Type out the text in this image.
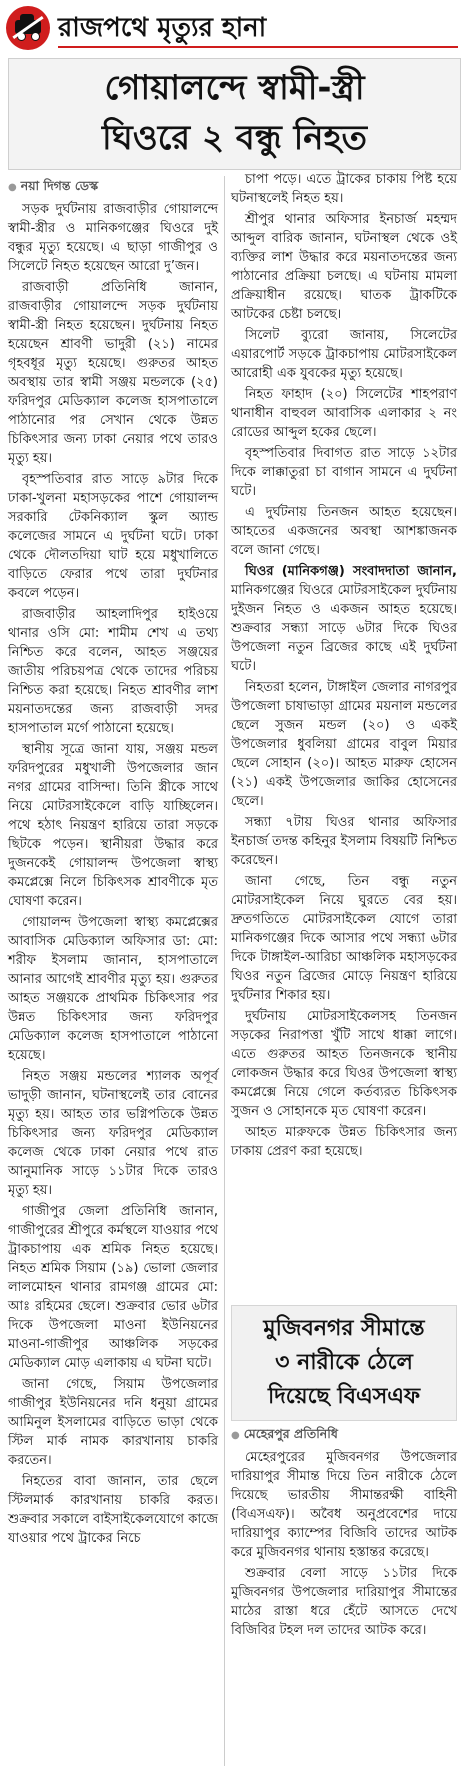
রাজপথে মৃত্যুর হানা
গোয়ালন্দে স্বামী-স্ত্রী
ঘিওরে ২ বন্ধু নিহত
● নয়া দিগন্ত ডেস্ক
সড়ক দুর্ঘটনায় রাজবাড়ীর গোয়ালন্দে স্বামী-স্ত্রীর ও মানিকগঞ্জের ঘিওরে দুই বন্ধুর মৃত্যু হয়েছে। এ ছাড়া গাজীপুর ও সিলেটে নিহত হয়েছেন আরো দু’জন।
রাজবাড়ী প্রতিনিধি জানান, রাজবাড়ীর গোয়ালন্দে সড়ক দুর্ঘটনায় স্বামী-স্ত্রী নিহত হয়েছেন। দুর্ঘটনায় নিহত হয়েছেন শ্রাবণী ভাদুরী (২১) নামের গৃহবধূর মৃত্যু হয়েছে। গুরুতর আহত অবস্থায় তার স্বামী সঞ্জয় মন্ডলকে (২৫) ফরিদপুর মেডিক্যাল কলেজ হাসপাতালে পাঠানোর পর সেখান থেকে উন্নত চিকিৎসার জন্য ঢাকা নেয়ার পথে তারও মৃত্যু হয়।
বৃহস্পতিবার রাত সাড়ে ৯টার দিকে ঢাকা-খুলনা মহাসড়কের পাশে গোয়ালন্দ সরকারি টেকনিক্যাল স্কুল অ্যান্ড কলেজের সামনে এ দুর্ঘটনা ঘটে। ঢাকা থেকে দৌলতদিয়া ঘাট হয়ে মধুখালিতে বাড়িতে ফেরার পথে তারা দুর্ঘটনার কবলে পড়েন।
রাজবাড়ীর আহলাদিপুর হাইওয়ে থানার ওসি মো: শামীম শেখ এ তথ্য নিশ্চিত করে বলেন, আহত সঞ্জয়ের জাতীয় পরিচয়পত্র থেকে তাদের পরিচয় নিশ্চিত করা হয়েছে। নিহত শ্রাবণীর লাশ ময়নাতদন্তের জন্য রাজবাড়ী সদর হাসপাতাল মর্গে পাঠানো হয়েছে।
স্থানীয় সূত্রে জানা যায়, সঞ্জয় মন্ডল ফরিদপুরের মধুখালী উপজেলার জান নগর গ্রামের বাসিন্দা। তিনি স্ত্রীকে সাথে নিয়ে মোটরসাইকেলে বাড়ি যাচ্ছিলেন। পথে হঠাৎ নিয়ন্ত্রণ হারিয়ে তারা সড়কে ছিটকে পড়েন। স্থানীয়রা উদ্ধার করে দুজনকেই গোয়ালন্দ উপজেলা স্বাস্থ্য কমপ্লেক্সে নিলে চিকিৎসক শ্রাবণীকে মৃত ঘোষণা করেন।
গোয়ালন্দ উপজেলা স্বাস্থ্য কমপ্লেক্সের আবাসিক মেডিক্যাল অফিসার ডা: মো: শরীফ ইসলাম জানান, হাসপাতালে আনার আগেই শ্রাবণীর মৃত্যু হয়। গুরুতর আহত সঞ্জয়কে প্রাথমিক চিকিৎসার পর উন্নত চিকিৎসার জন্য ফরিদপুর মেডিক্যাল কলেজ হাসপাতালে পাঠানো হয়েছে।
নিহত সঞ্জয় মন্ডলের শ্যালক অপূর্ব ভাদুড়ী জানান, ঘটনাস্থলেই তার বোনের মৃত্যু হয়। আহত তার ভগ্নিপতিকে উন্নত চিকিৎসার জন্য ফরিদপুর মেডিক্যাল কলেজ থেকে ঢাকা নেয়ার পথে রাত আনুমানিক সাড়ে ১১টার দিকে তারও মৃত্যু হয়।
গাজীপুর জেলা প্রতিনিধি জানান, গাজীপুরের শ্রীপুরে কর্মস্থলে যাওয়ার পথে ট্রাকচাপায় এক শ্রমিক নিহত হয়েছে। নিহত শ্রমিক সিয়াম (১৯) ভোলা জেলার লালমোহন থানার রামগঞ্জ গ্রামের মো: আঃ রহিমের ছেলে। শুক্রবার ভোর ৬টার দিকে উপজেলা মাওনা ইউনিয়নের মাওনা-গাজীপুর আঞ্চলিক সড়কের মেডিক্যাল মোড় এলাকায় এ ঘটনা ঘটে।
জানা গেছে, সিয়াম উপজেলার গাজীপুর ইউনিয়নের দনি ধনুয়া গ্রামের আমিনুল ইসলামের বাড়িতে ভাড়া থেকে স্টিল মার্ক নামক কারখানায় চাকরি করতেন।
নিহতের বাবা জানান, তার ছেলে স্টিলমার্ক কারখানায় চাকরি করত। শুক্রবার সকালে বাইসাইকেলযোগে কাজে যাওয়ার পথে ট্রাকের নিচে
চাপা পড়ে। এতে ট্রাকের চাকায় পিষ্ট হয়ে ঘটনাস্থলেই নিহত হয়।
শ্রীপুর থানার অফিসার ইনচার্জ মহম্মদ আব্দুল বারিক জানান, ঘটনাস্থল থেকে ওই ব্যক্তির লাশ উদ্ধার করে ময়নাতদন্তের জন্য পাঠানোর প্রক্রিয়া চলছে। এ ঘটনায় মামলা প্রক্রিয়াধীন রয়েছে। ঘাতক ট্রাকটিকে আটকের চেষ্টা চলছে।
সিলেট ব্যুরো জানায়, সিলেটের এয়ারপোর্ট সড়কে ট্রাকচাপায় মোটরসাইকেল আরোহী এক যুবকের মৃত্যু হয়েছে।
নিহত ফাহাদ (২০) সিলেটের শাহপরাণ থানাধীন বাহুবল আবাসিক এলাকার ২ নং রোডের আব্দুল হকের ছেলে।
বৃহস্পতিবার দিবাগত রাত সাড়ে ১২টার দিকে লাক্কাতুরা চা বাগান সামনে এ দুর্ঘটনা ঘটে।
এ দুর্ঘটনায় তিনজন আহত হয়েছেন। আহতের একজনের অবস্থা আশঙ্কাজনক বলে জানা গেছে।
ঘিওর (মানিকগঞ্জ) সংবাদদাতা জানান, মানিকগঞ্জের ঘিওরে মোটরসাইকেল দুর্ঘটনায় দুইজন নিহত ও একজন আহত হয়েছে। শুক্রবার সন্ধ্যা সাড়ে ৬টার দিকে ঘিওর উপজেলা নতুন ব্রিজের কাছে এই দুর্ঘটনা ঘটে।
নিহতরা হলেন, টাঙ্গাইল জেলার নাগরপুর উপজেলা চাষাভাড়া গ্রামের ময়নাল মন্ডলের ছেলে সুজন মন্ডল (২০) ও একই উপজেলার ধুবলিয়া গ্রামের বাবুল মিয়ার ছেলে সোহান (২০)। আহত মারুফ হোসেন (২১) একই উপজেলার জাকির হোসেনের ছেলে।
সন্ধ্যা ৭টায় ঘিওর থানার অফিসার ইনচার্জ তদন্ত কহিনুর ইসলাম বিষয়টি নিশ্চিত করেছেন।
জানা গেছে, তিন বন্ধু নতুন মোটরসাইকেল নিয়ে ঘুরতে বের হয়। দ্রুতগতিতে মোটরসাইকেল যোগে তারা মানিকগঞ্জের দিকে আসার পথে সন্ধ্যা ৬টার দিকে টাঙ্গাইল-আরিচা আঞ্চলিক মহাসড়কের ঘিওর নতুন ব্রিজের মোড়ে নিয়ন্ত্রণ হারিয়ে দুর্ঘটনার শিকার হয়।
দুর্ঘটনায় মোটরসাইকেলসহ তিনজন সড়কের নিরাপত্তা খুঁটি সাথে ধাক্কা লাগে। এতে গুরুতর আহত তিনজনকে স্থানীয় লোকজন উদ্ধার করে ঘিওর উপজেলা স্বাস্থ্য কমপ্লেক্সে নিয়ে গেলে কর্তব্যরত চিকিৎসক সুজন ও সোহানকে মৃত ঘোষণা করেন।
আহত মারুফকে উন্নত চিকিৎসার জন্য ঢাকায় প্রেরণ করা হয়েছে।
মুজিবনগর সীমান্তে
৩ নারীকে ঠেলে
দিয়েছে বিএসএফ
● মেহেরপুর প্রতিনিধি
মেহেরপুরের মুজিবনগর উপজেলার দারিয়াপুর সীমান্ত দিয়ে তিন নারীকে ঠেলে দিয়েছে ভারতীয় সীমান্তরক্ষী বাহিনী (বিএসএফ)। অবৈধ অনুপ্রবেশের দায়ে দারিয়াপুর ক্যাম্পের বিজিবি তাদের আটক করে মুজিবনগর থানায় হস্তান্তর করেছে।
শুক্রবার বেলা সাড়ে ১১টার দিকে মুজিবনগর উপজেলার দারিয়াপুর সীমান্তের মাঠের রাস্তা ধরে হেঁটে আসতে দেখে বিজিবির টহল দল তাদের আটক করে।
